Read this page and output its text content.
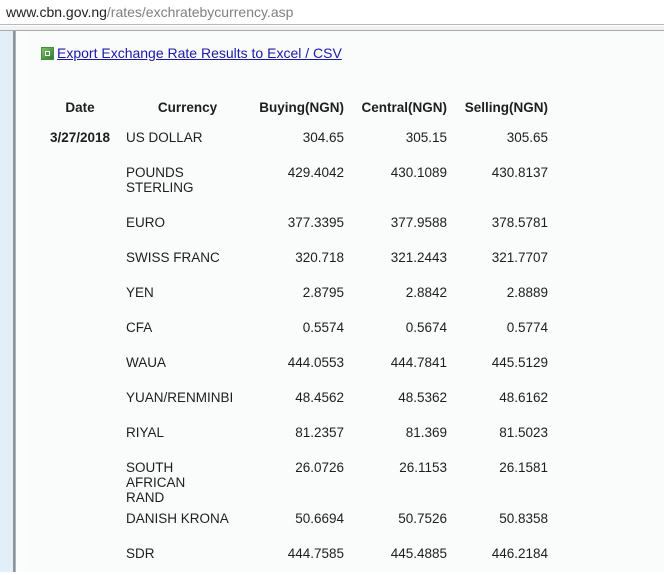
www.cbn.gov.ng/rates/exchratebycurrency.asp
Export Exchange Rate Results to Excel / CSV
Date	Currency	Buying(NGN)	Central(NGN)	Selling(NGN)
3/27/2018	US DOLLAR	304.65	305.15	305.65

	POUNDS STERLING	429.4042	430.1089	430.8137

	EURO	377.3395	377.9588	378.5781

	SWISS FRANC	320.718	321.2443	321.7707

	YEN	2.8795	2.8842	2.8889

	CFA	0.5574	0.5674	0.5774

	WAUA	444.0553	444.7841	445.5129

	YUAN/RENMINBI	48.4562	48.5362	48.6162

	RIYAL	81.2357	81.369	81.5023

	SOUTH AFRICAN RAND	26.0726	26.1153	26.1581

	DANISH KRONA	50.6694	50.7526	50.8358

	SDR	444.7585	445.4885	446.2184
